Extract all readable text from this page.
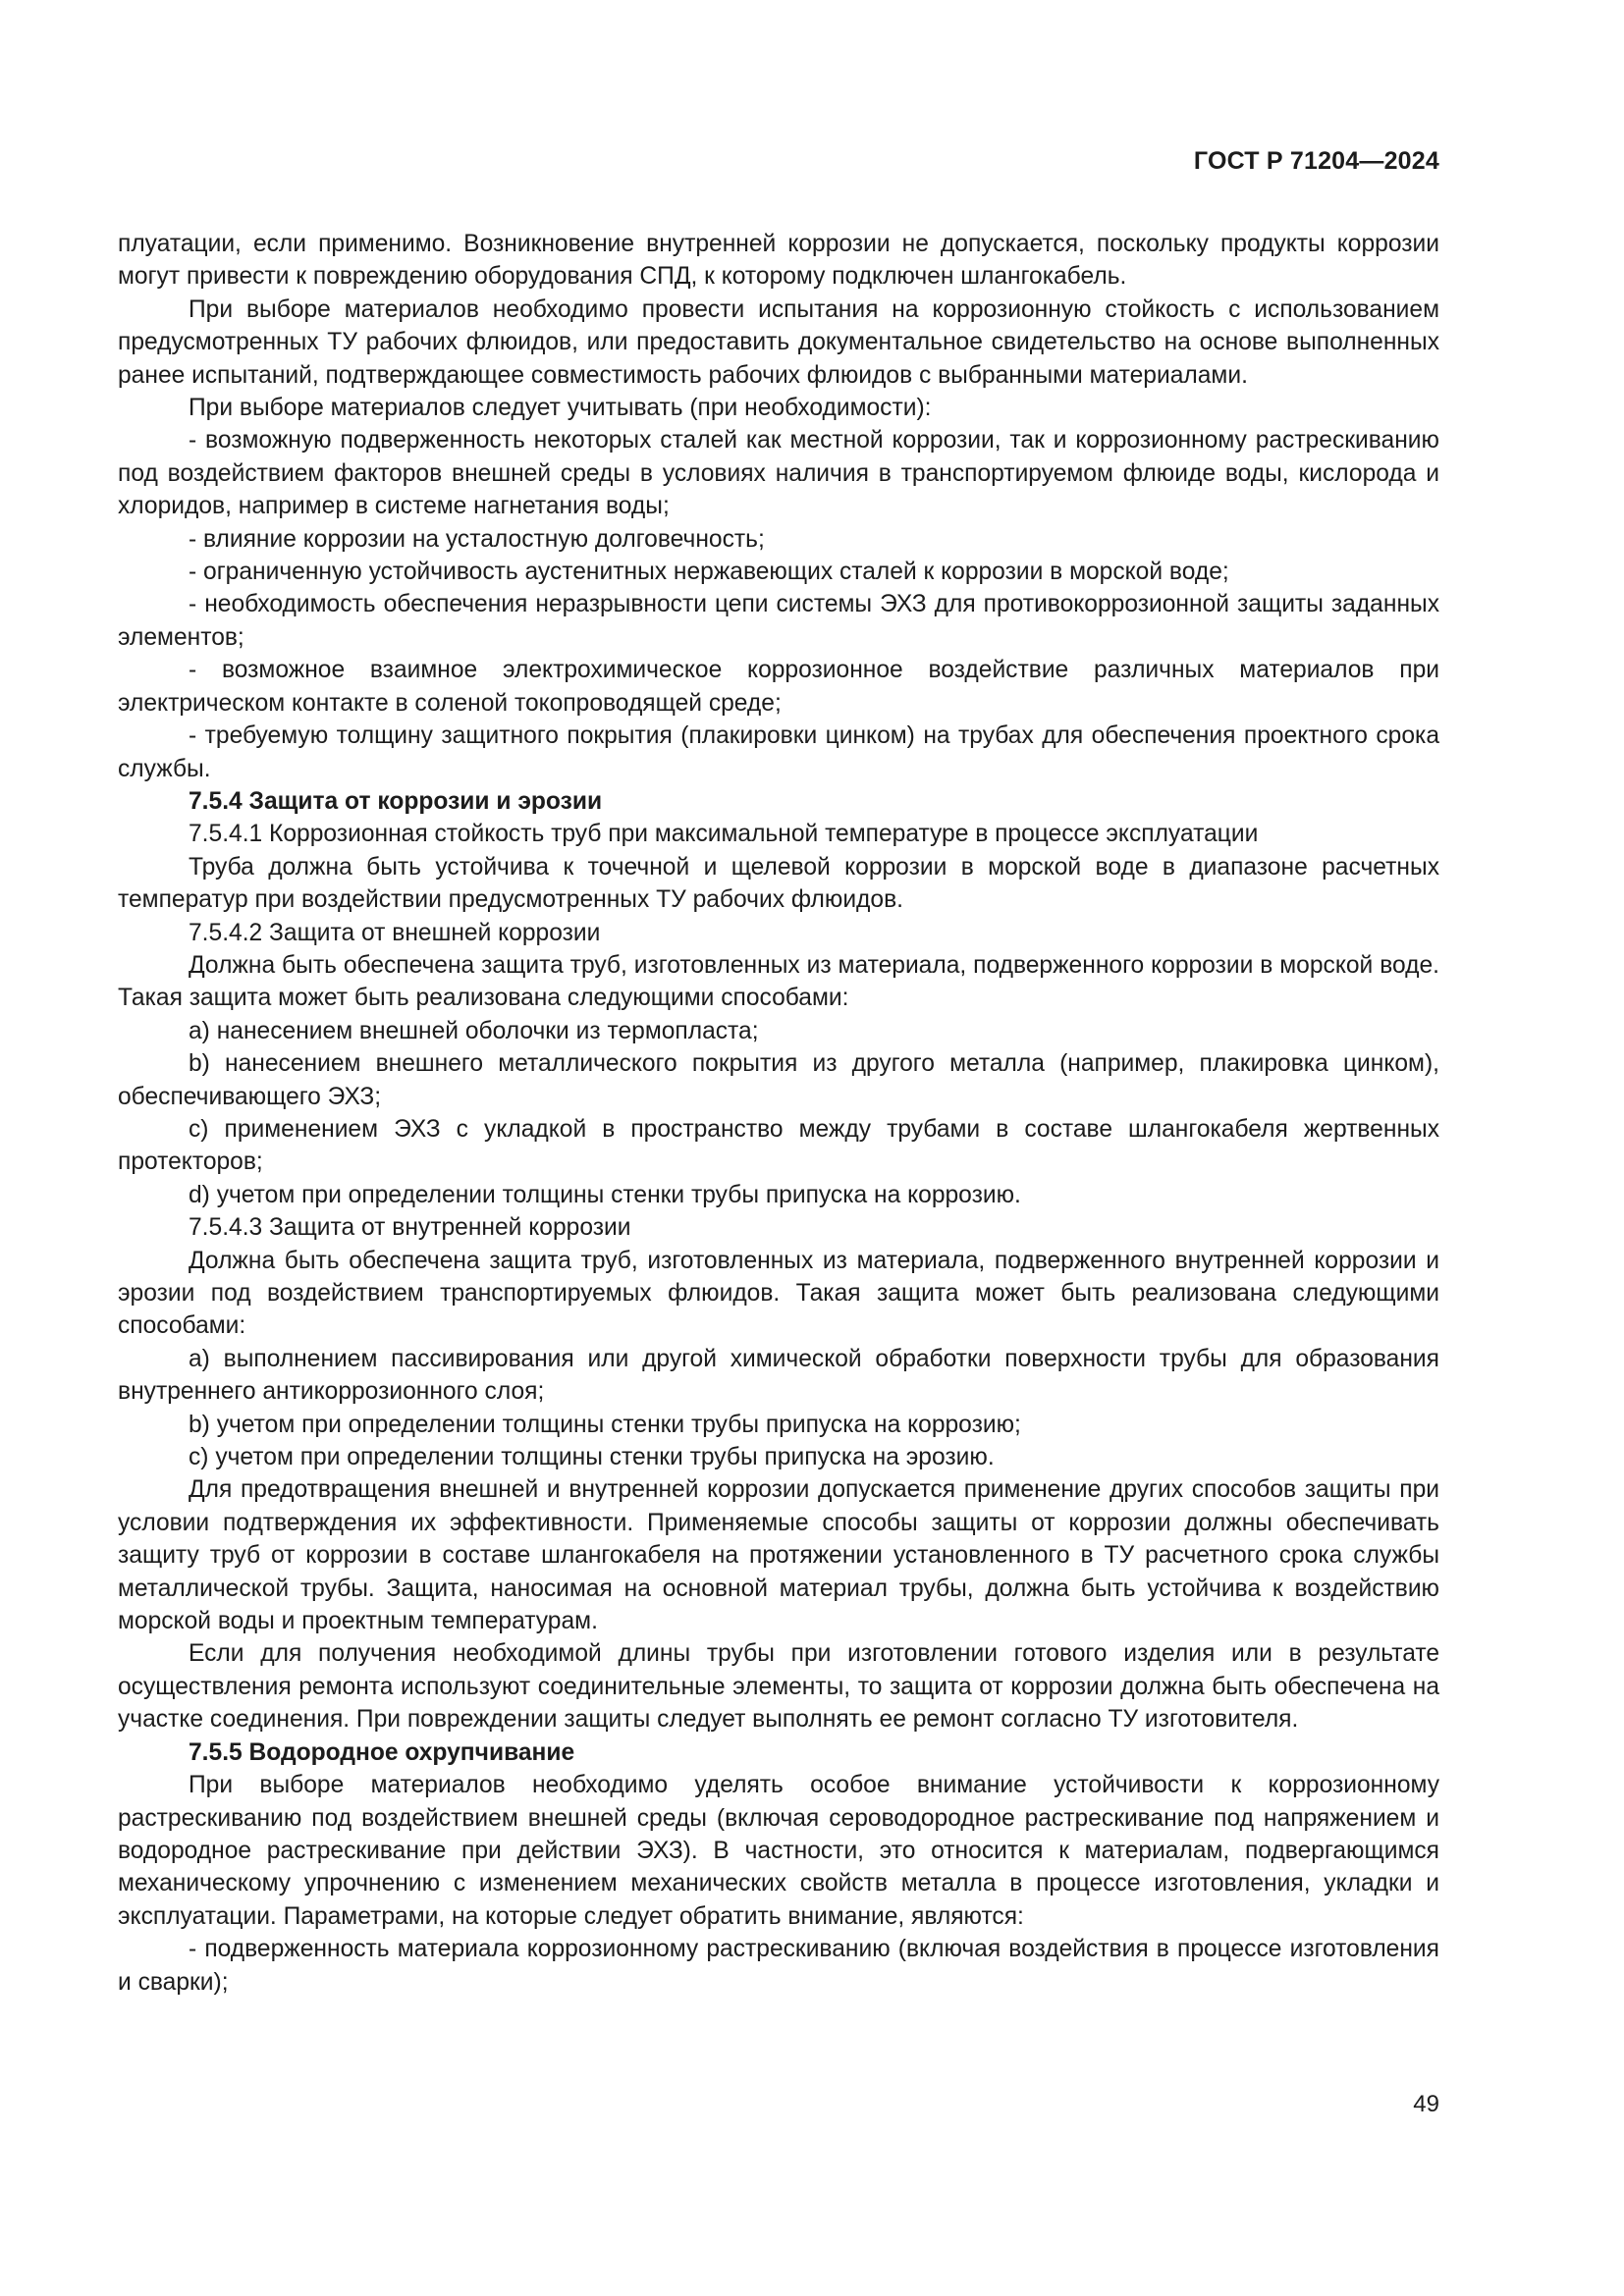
ГОСТ Р 71204—2024

плуатации, если применимо. Возникновение внутренней коррозии не допускается, поскольку продукты коррозии могут привести к повреждению оборудования СПД, к которому подключен шлангокабель.

При выборе материалов необходимо провести испытания на коррозионную стойкость с использованием предусмотренных ТУ рабочих флюидов, или предоставить документальное свидетельство на основе выполненных ранее испытаний, подтверждающее совместимость рабочих флюидов с выбранными материалами.

При выборе материалов следует учитывать (при необходимости):

- возможную подверженность некоторых сталей как местной коррозии, так и коррозионному растрескиванию под воздействием факторов внешней среды в условиях наличия в транспортируемом флюиде воды, кислорода и хлоридов, например в системе нагнетания воды;

- влияние коррозии на усталостную долговечность;

- ограниченную устойчивость аустенитных нержавеющих сталей к коррозии в морской воде;

- необходимость обеспечения неразрывности цепи системы ЭХЗ для противокоррозионной защиты заданных элементов;

- возможное взаимное электрохимическое коррозионное воздействие различных материалов при электрическом контакте в соленой токопроводящей среде;

- требуемую толщину защитного покрытия (плакировки цинком) на трубах для обеспечения проектного срока службы.

7.5.4 Защита от коррозии и эрозии

7.5.4.1 Коррозионная стойкость труб при максимальной температуре в процессе эксплуатации

Труба должна быть устойчива к точечной и щелевой коррозии в морской воде в диапазоне расчетных температур при воздействии предусмотренных ТУ рабочих флюидов.

7.5.4.2 Защита от внешней коррозии

Должна быть обеспечена защита труб, изготовленных из материала, подверженного коррозии в морской воде. Такая защита может быть реализована следующими способами:

a) нанесением внешней оболочки из термопласта;

b) нанесением внешнего металлического покрытия из другого металла (например, плакировка цинком), обеспечивающего ЭХЗ;

c) применением ЭХЗ с укладкой в пространство между трубами в составе шлангокабеля жертвенных протекторов;

d) учетом при определении толщины стенки трубы припуска на коррозию.

7.5.4.3 Защита от внутренней коррозии

Должна быть обеспечена защита труб, изготовленных из материала, подверженного внутренней коррозии и эрозии под воздействием транспортируемых флюидов. Такая защита может быть реализована следующими способами:

a) выполнением пассивирования или другой химической обработки поверхности трубы для образования внутреннего антикоррозионного слоя;

b) учетом при определении толщины стенки трубы припуска на коррозию;

c) учетом при определении толщины стенки трубы припуска на эрозию.

Для предотвращения внешней и внутренней коррозии допускается применение других способов защиты при условии подтверждения их эффективности. Применяемые способы защиты от коррозии должны обеспечивать защиту труб от коррозии в составе шлангокабеля на протяжении установленного в ТУ расчетного срока службы металлической трубы. Защита, наносимая на основной материал трубы, должна быть устойчива к воздействию морской воды и проектным температурам.

Если для получения необходимой длины трубы при изготовлении готового изделия или в результате осуществления ремонта используют соединительные элементы, то защита от коррозии должна быть обеспечена на участке соединения. При повреждении защиты следует выполнять ее ремонт согласно ТУ изготовителя.

7.5.5 Водородное охрупчивание

При выборе материалов необходимо уделять особое внимание устойчивости к коррозионному растрескиванию под воздействием внешней среды (включая сероводородное растрескивание под напряжением и водородное растрескивание при действии ЭХЗ). В частности, это относится к материалам, подвергающимся механическому упрочнению с изменением механических свойств металла в процессе изготовления, укладки и эксплуатации. Параметрами, на которые следует обратить внимание, являются:

- подверженность материала коррозионному растрескиванию (включая воздействия в процессе изготовления и сварки);

49
